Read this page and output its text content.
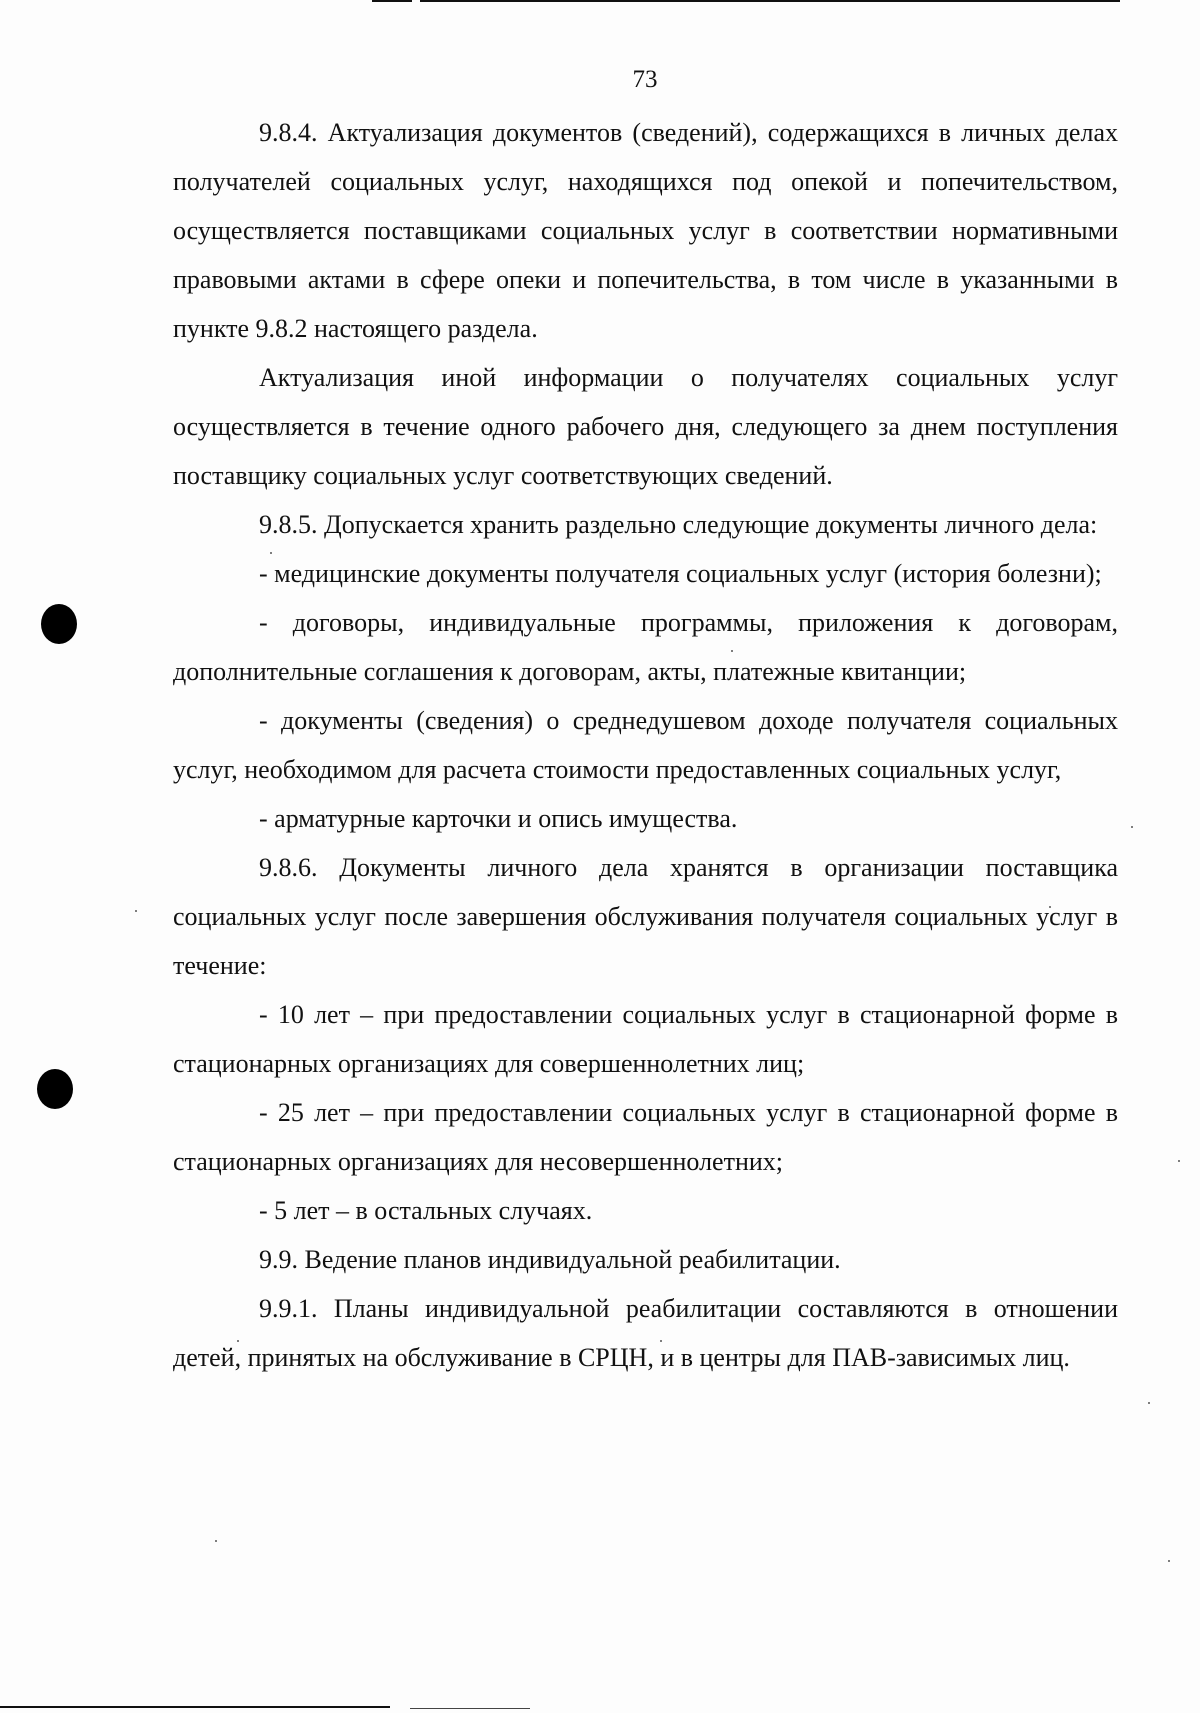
73

9.8.4. Актуализация документов (сведений), содержащихся в личных делах получателей социальных услуг, находящихся под опекой и попечительством, осуществляется поставщиками социальных услуг в соответствии нормативными правовыми актами в сфере опеки и попечительства, в том числе в указанными в пункте 9.8.2 настоящего раздела.

Актуализация иной информации о получателях социальных услуг осуществляется в течение одного рабочего дня, следующего за днем поступления поставщику социальных услуг соответствующих сведений.

9.8.5. Допускается хранить раздельно следующие документы личного дела:

- медицинские документы получателя социальных услуг (история болезни);

- договоры, индивидуальные программы, приложения к договорам, дополнительные соглашения к договорам, акты, платежные квитанции;

- документы (сведения) о среднедушевом доходе получателя социальных услуг, необходимом для расчета стоимости предоставленных социальных услуг,

- арматурные карточки и опись имущества.

9.8.6. Документы личного дела хранятся в организации поставщика социальных услуг после завершения обслуживания получателя социальных услуг в течение:

- 10 лет – при предоставлении социальных услуг в стационарной форме в стационарных организациях для совершеннолетних лиц;

- 25 лет – при предоставлении социальных услуг в стационарной форме в стационарных организациях для несовершеннолетних;

- 5 лет – в остальных случаях.

9.9. Ведение планов индивидуальной реабилитации.

9.9.1. Планы индивидуальной реабилитации составляются в отношении детей, принятых на обслуживание в СРЦН, и в центры для ПАВ-зависимых лиц.
